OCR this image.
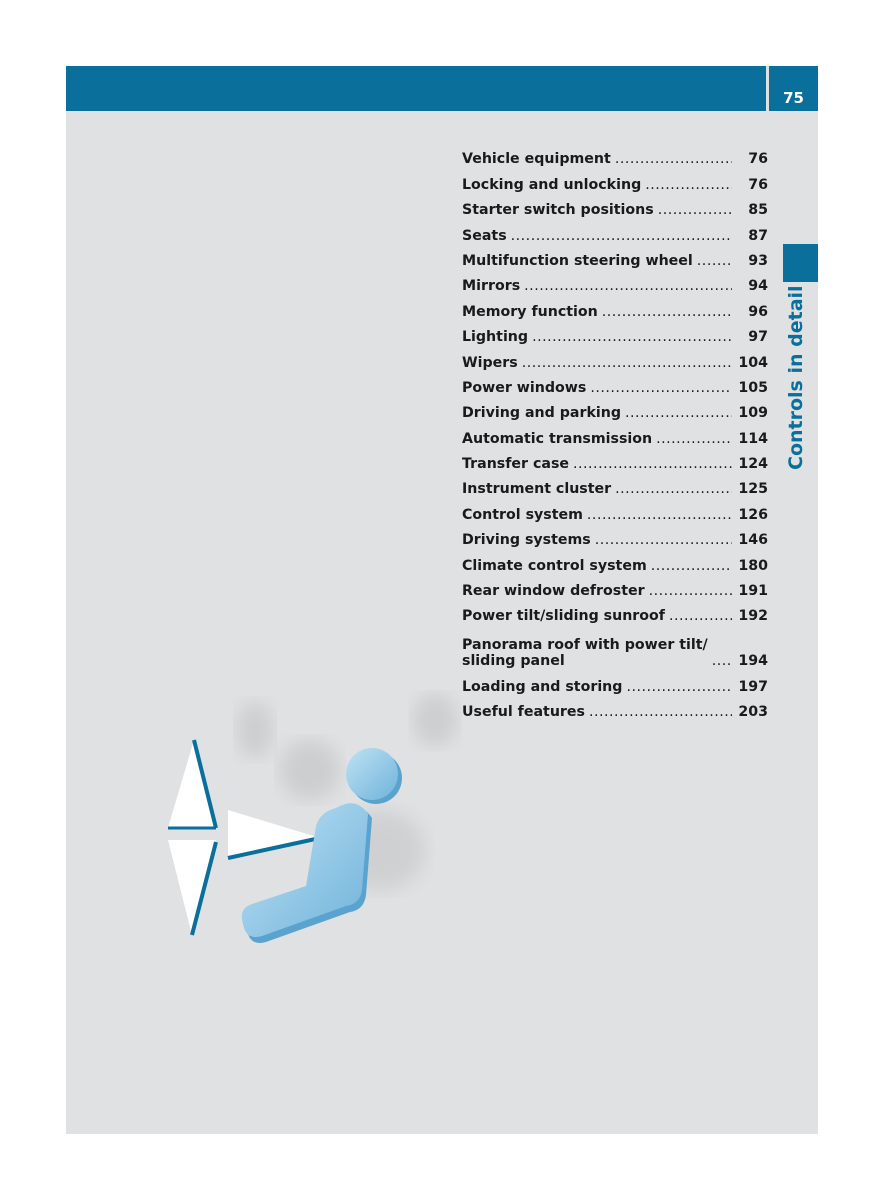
75
Controls in detail
Vehicle equipment .....	76
Locking and unlocking .....	76
Starter switch positions .....	85
Seats .....	87
Multifunction steering wheel .....	93
Mirrors .....	94
Memory function .....	96
Lighting .....	97
Wipers .....	104
Power windows .....	105
Driving and parking .....	109
Automatic transmission .....	114
Transfer case .....	124
Instrument cluster .....	125
Control system .....	126
Driving systems .....	146
Climate control system .....	180
Rear window defroster .....	191
Power tilt/sliding sunroof .....	192
Panorama roof with power tilt/
sliding panel .....	194
Loading and storing .....	197
Useful features .....	203
